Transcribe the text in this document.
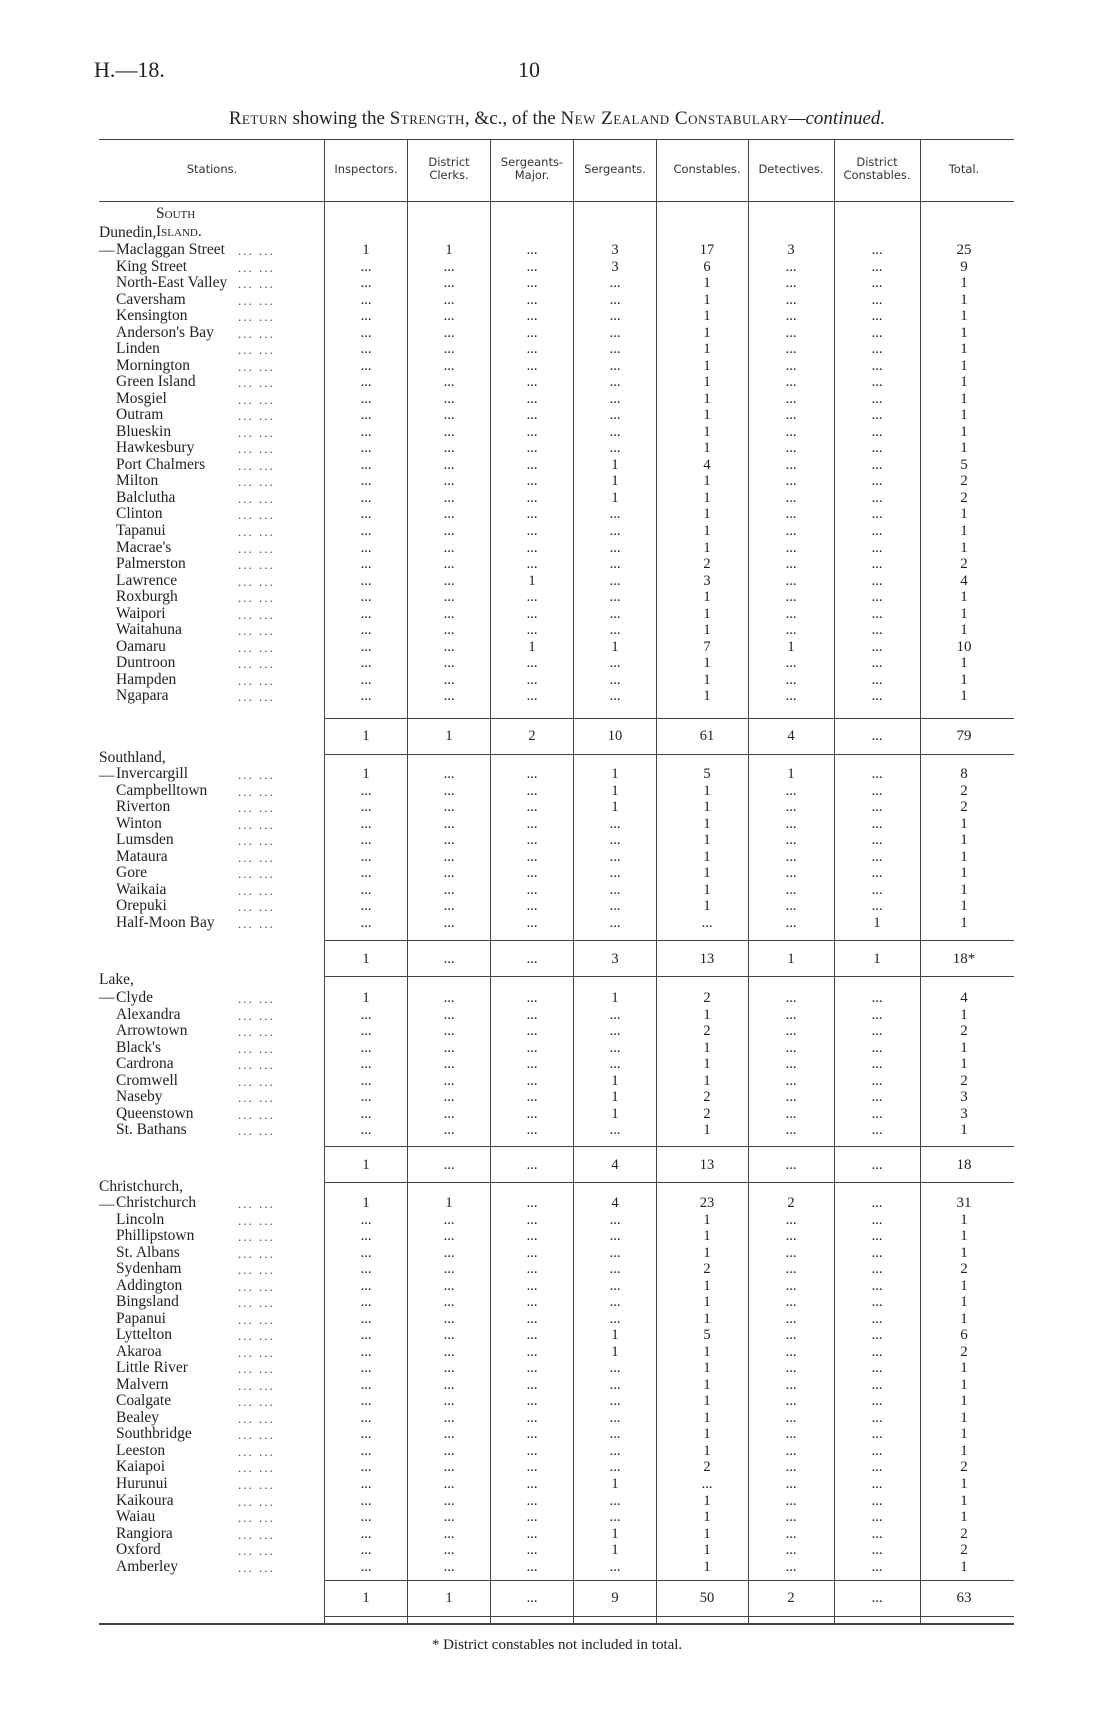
H.—18.	10
Return showing the Strength, &c., of the New Zealand Constabulary—continued.
Stations.	Inspectors.	District
Clerks.
Sergeants-
Major.	Sergeants.	Constables.	Detectives.	District
Constables.	Total.
South Island.
Dunedin,— Maclaggan Street ... ...	1	1	...	3	17	3	...	25
King Street	... ...	...	...	...	3	6	...	...	9
North-East Valley ... ...	...	...	...	...	1	...	...	1
Caversham	... ...	...	...	...	...	1	...	...	1
Kensington	... ...	...	...	...	...	1	...	...	1
Anderson's Bay ... ...	...	...	...	...	1	...	...	1
Linden	... ...	...	...	...	...	1	...	...	1
Mornington	... ...	...	...	...	...	1	...	...	1
Green Island	... ...	...	...	...	...	1	...	...	1
Mosgiel	... ...	...	...	...	...	1	...	...	1
Outram	... ...	...	...	...	...	1	...	...	1
Blueskin	... ...	...	...	...	...	1	...	...	1
Hawkesbury	... ...	...	...	...	...	1	...	...	1
Port Chalmers	... ...	...	...	...	1	4	...	...	5
Milton	... ...	...	...	...	1	1	...	...	2
Balclutha	... ...	...	...	...	1	1	...	...	2
Clinton	... ...	...	...	...	...	1	...	...	1
Tapanui	... ...	...	...	...	...	1	...	...	1
Macrae's	... ...	...	...	...	...	1	...	...	1
Palmerston	... ...	...	...	...	...	2	...	...	2
Lawrence	... ...	...	...	1	...	3	...	...	4
Roxburgh	... ...	...	...	...	...	1	...	...	1
Waipori	... ...	...	...	...	...	1	...	...	1
Waitahuna	... ...	...	...	...	...	1	...	...	1
Oamaru	... ...	...	...	1	1	7	1	...	10
Duntroon	... ...	...	...	...	...	1	...	...	1
Hampden	... ...	...	...	...	...	1	...	...	1
Ngapara	... ...	...	...	...	...	1	...	...	1
1	1	2	10	61	4	...	79
Southland,— Invercargill	... ...	1	...	...	1	5	1	...	8
Campbelltown ... ...	...	...	...	1	1	...	...	2
Riverton	... ...	...	...	...	1	1	...	...	2
Winton	... ...	...	...	...	...	1	...	...	1
Lumsden	... ...	...	...	...	...	1	...	...	1
Mataura	... ...	...	...	...	...	1	...	...	1
Gore	... ...	...	...	...	...	1	...	...	1
Waikaia	... ...	...	...	...	...	1	...	...	1
Orepuki	... ...	...	...	...	...	1	...	...	1
Half-Moon Bay ... ...	...	...	...	...	...	...	1	1
1	...	...	3	13	1	1	18*
Lake,— Clyde	... ...	1	...	...	1	2	...	...	4
Alexandra	... ...	...	...	...	...	1	...	...	1
Arrowtown	... ...	...	...	...	...	2	...	...	2
Black's	... ...	...	...	...	...	1	...	...	1
Cardrona	... ...	...	...	...	...	1	...	...	1
Cromwell	... ...	...	...	...	1	1	...	...	2
Naseby	... ...	...	...	...	1	2	...	...	3
Queenstown	... ...	...	...	...	1	2	...	...	3
St. Bathans	... ...	...	...	...	...	1	...	...	1
1	...	...	4	13	...	...	18
Christchurch,— Christchurch	... ...	1	1	...	4	23	2	...	31
Lincoln	... ...	...	...	...	...	1	...	...	1
Phillipstown	... ...	...	...	...	...	1	...	...	1
St. Albans	... ...	...	...	...	...	1	...	...	1
Sydenham	... ...	...	...	...	...	2	...	...	2
Addington	... ...	...	...	...	...	1	...	...	1
Bingsland	... ...	...	...	...	...	1	...	...	1
Papanui	... ...	...	...	...	...	1	...	...	1
Lyttelton	... ...	...	...	...	1	5	...	...	6
Akaroa	... ...	...	...	...	1	1	...	...	2
Little River	... ...	...	...	...	...	1	...	...	1
Malvern	... ...	...	...	...	...	1	...	...	1
Coalgate	... ...	...	...	...	...	1	...	...	1
Bealey	... ...	...	...	...	...	1	...	...	1
Southbridge	... ...	...	...	...	...	1	...	...	1
Leeston	... ...	...	...	...	...	1	...	...	1
Kaiapoi	... ...	...	...	...	...	2	...	...	2
Hurunui	... ...	...	...	...	1	...	...	...	1
Kaikoura	... ...	...	...	...	...	1	...	...	1
Waiau	... ...	...	...	...	...	1	...	...	1
Rangiora	... ...	...	...	...	1	1	...	...	2
Oxford	... ...	...	...	...	1	1	...	...	2
Amberley	... ...	...	...	...	...	1	...	...	1
1	1	...	9	50	2	...	63
* District constables not included in total.
